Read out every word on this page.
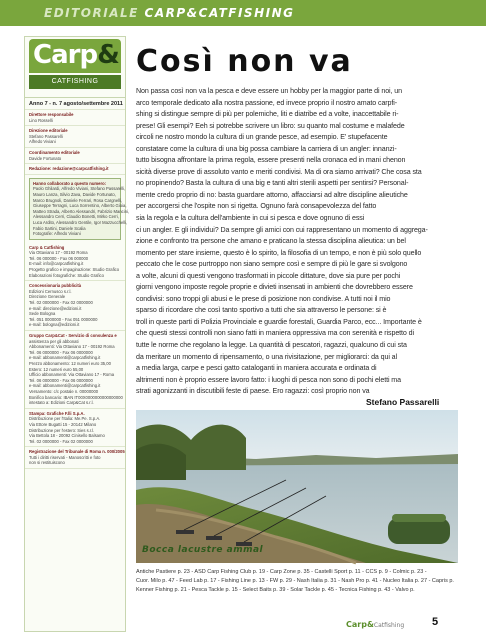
EDITORIALE CARP&CATFISHING
Carp&
CATFISHING
Anno 7 - n. 7 agosto/settembre 2011
Direttore responsabile
Lino Rosselli
Direzione editoriale
Stefano Passarelli
Alfredo Viviani
Coordinamento editoriale
Davide Fortunato
Redazione: redazione@carpcatfishing.it
Hanno collaborato a questo numero:
Paolo Ghilardi, Alfredo Viviani, Stefano Passarelli,
Mauro Lanza, Silvio Zava, Davide Fortunato,
Marco Brugnoli, Daniele Ferrari, Rosa Cargnelli,
Giuseppe Terragni, Luca Sorrentino, Alberto Gioia,
Matteo Strada, Alberto Alessandri, Fabrizio Mancini,
Alessandro Cerri, Claudio Bonetti, Mirko Cerri,
Luca Ardito, Alessandro Gentile, Igor Mazzucchelli,
Fabio Sartini, Daniele Scalia
Fotografie: Alfredo Viviani
Carp & Catfishing
Via Ottaviano 17 - 00192 Roma
Tel. 06 000000 - Fax 06 000000
E-mail: info@carpcatfishing.it
Progetto grafico e impaginazione: Studio Grafico
Elaborazioni fotografiche: Studio Grafico
Concessionaria pubblicità
Edizioni Cernusco s.r.l.
Direzione Generale
Tel. 02 0000000 - Fax 02 0000000
e-mail: direzione@edizioni.it
Sede Bologna
Tel. 051 0000000 - Fax 051 0000000
e-mail: bologna@edizioni.it
Gruppo Carp&Cat - Servizio di consulenza e
assistenza per gli abbonati
Abbonamenti: Via Ottaviano 17 - 00192 Roma
Tel. 06 0000000 - Fax 06 0000000
e-mail: abbonamenti@carpcatfishing.it
Prezzo abbonamento: 12 numeri euro 35,00
Estero: 12 numeri euro 55,00
Ufficio abbonamenti: Via Ottaviano 17 - Roma
Tel. 06 0000000 - Fax 06 0000000
e-mail: abbonamenti@carpcatfishing.it
Versamento: c/c postale n. 00000000
Bonifico bancario: IBAN IT00X0000000000000000
intestato a: Edizioni Carp&Cat s.r.l.
Stampa: Grafiche F.lli S.p.A.
Distribuzione per l'Italia: Me.Pe. S.p.A.
Via Ettore Bugatti 15 - 20142 Milano
Distribuzione per l'estero: Sies s.r.l.
Via Bettola 18 - 20092 Cinisello Balsamo
Tel. 02 0000000 - Fax 02 0000000
Registrazione del Tribunale di Roma n. 000/2005
Tutti i diritti riservati - Manoscritti e foto
non si restituiscono
Così non va
Non passa così non va la pesca e deve essere un hobby per la maggior parte di noi, un
arco temporale dedicato alla nostra passione, ed invece proprio il nostro amato carpfi-
shing si distingue sempre di più per polemiche, liti e diatribe ed a volte, inaccettabile ri-
prese! Gli esempi? Eeh si potrebbe scrivere un libro: su quanto mal costume e malafede
circoli ne nostro mondo la cultura di un grande pesce, ad esempio. E' stupefacente
constatare come la cultura di una big possa cambiare la carriera di un angler: innanzi-
tutto bisogna affrontare la prima regola, essere presenti nella cronaca ed in mani chenon
sicità diverse prove di assoluto vanto e meriti condivisi. Ma di ora siamo arrivati? Che cosa sta
no propinendo? Basta la cultura di una big e tanti altri sterili aspetti per sentirsi? Personal-
mente credo proprio di no: basta guardare attorno, affacciarsi ad altre discipline alieutiche
per accorgersi che l'ospite non si rigetta. Ognuno farà consapevolezza del fatto
sia la regola e la cultura dell'ambiente in cui si pesca e dove ognuno di essi
ci un angler. E gli individui? Da sempre gli amici con cui rappresentano un momento di aggrega-
zione e confronto tra persone che amano e praticano la stessa disciplina alieutica: un bel
momento per stare insieme, questo è lo spirito, la filosofia di un tempo, e non è più solo quello
peccato che le cose purtroppo non siano sempre così e sempre di più le gare si svolgono
a volte, alcuni di questi vengono trasformati in piccole dittature, dove sia pure per pochi
giorni vengono imposte regole proprie e divieti insensati in ambienti che dovrebbero essere
condivisi: sono troppi gli abusi e le prese di posizione non condivise. A tutti noi il mio
sparso di ricordare che così tanto sportivo a tutti che sia attraverso le persone: si è
troll in queste parti di Polizia Provinciale e guardie forestali, Guardia Parco, ecc... Importante è
che questi stessi controlli non siano fatti in maniera oppressiva ma con serenità e rispetto di
tutte le norme che regolano la legge. La quantità di pescatori, ragazzi, qualcuno di cui sta
da meritare un momento di ripensamento, o una rivisitazione, per migliorarci: da qui al
a media larga, carpe e pesci gatto cataloganti in maniera accurata e ordinata di
altrimenti non è proprio essere lavoro fatto: i luoghi di pesca non sono di pochi eletti ma
strati agonizzanti in discutibili feste di paese. Ero ragazzi: così proprio non va
Stefano Passarelli
Bocca lacustre ammal
Antiche Pastiere p. 23 - ASD Carp Fishing Club p. 19 - Carp Zone p. 35 - Castelli Sport p. 11 - CCS p. 9 - Colmic p. 23 -
Cuor. Milo p. 47 - Feed Lab p. 17 - Fishing Line p. 13 - FW p. 29 - Nash Italia p. 31 - Nash Pro p. 41 - Nucleo Italia p. 27 - Capris p.
Kenner Fishing p. 21 - Pesca Tackle p. 15 - Select Baits p. 39 - Solar Tackle p. 45 - Tecnica Fishing p. 43 - Valvo p.
Carp&Catfishing	5
